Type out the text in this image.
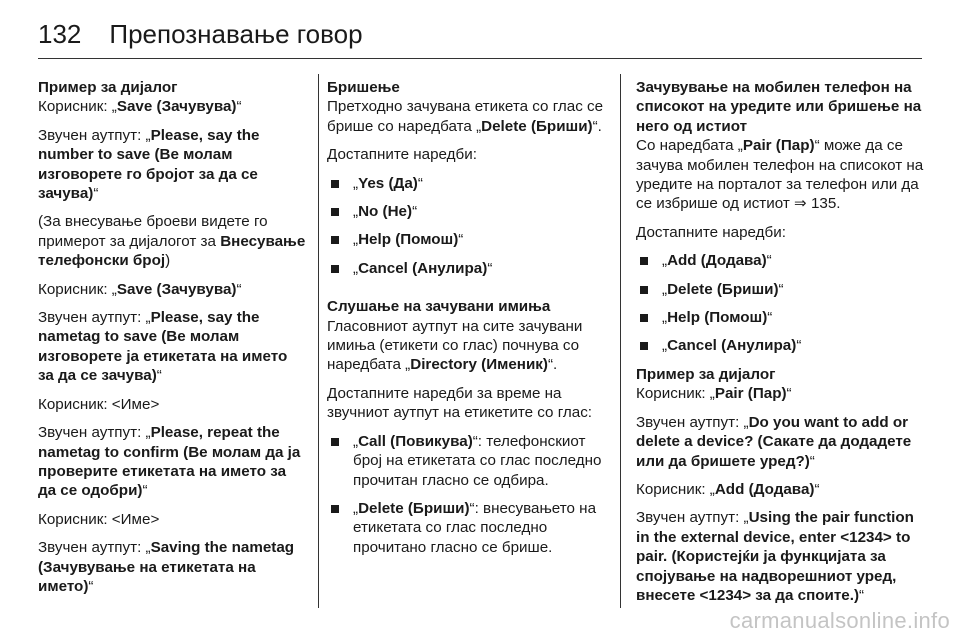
132 Препознавање говор

Пример за дијалог

Корисник: „Save (Зачувува)“

Звучен аутпут: „Please, say the number to save (Ве молам изговорете го бројот за да се зачува)“

(За внесување броеви видете го примерот за дијалогот за Внесување телефонски број)

Корисник: „Save (Зачувува)“

Звучен аутпут: „Please, say the nametag to save (Ве молам изговорете ја етикетата на името за да се зачува)“

Корисник: <Име>

Звучен аутпут: „Please, repeat the nametag to confirm (Ве молам да ја проверите етикетата на името за да се одобри)“

Корисник: <Име>

Звучен аутпут: „Saving the nametag (Зачувување на етикетата на името)“

Бришење

Претходно зачувана етикета со глас се брише со наредбата „Delete (Бриши)“.

Достапните наредби:

„Yes (Да)“
„No (Не)“
„Help (Помош)“
„Cancel (Анулира)“

Слушање на зачувани имиња

Гласовниот аутпут на сите зачувани имиња (етикети со глас) почнува со наредбата „Directory (Именик)“.

Достапните наредби за време на звучниот аутпут на етикетите со глас:

„Call (Повикува)“: телефонскиот број на етикетата со глас последно прочитан гласно се одбира.
„Delete (Бриши)“: внесувањето на етикетата со глас последно прочитано гласно се брише.

Зачувување на мобилен телефон на списокот на уредите или бришење на него од истиот

Со наредбата „Pair (Пар)“ може да се зачува мобилен телефон на списокот на уредите на порталот за телефон или да се избрише од истиот ⇒ 135.

Достапните наредби:

„Add (Додава)“
„Delete (Бриши)“
„Help (Помош)“
„Cancel (Анулира)“

Пример за дијалог

Корисник: „Pair (Пар)“

Звучен аутпут: „Do you want to add or delete a device? (Сакате да додадете или да бришете уред?)“

Корисник: „Add (Додава)“

Звучен аутпут: „Using the pair function in the external device, enter <1234> to pair. (Користејќи ја функцијата за спојување на надворешниот уред, внесете <1234> за да споите.)“

carmanualsonline.info
